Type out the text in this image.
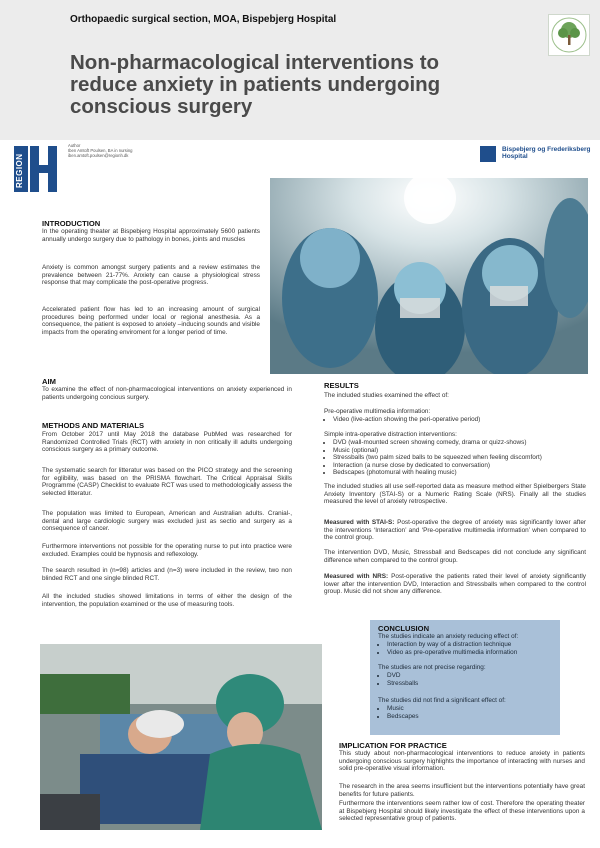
Orthopaedic surgical section, MOA, Bispebjerg Hospital
Non-pharmacological interventions to
reduce anxiety in patients undergoing
conscious surgery
REGION
Author
Iben Amtoft Poulsen, BA in nursing
iben.amtoft.poulsen@regionh.dk
Bispebjerg og Frederiksberg
Hospital
INTRODUCTION
In the operating theater at Bispebjerg Hospital approximately 5600 patients annually undergo surgery due to pathology in bones, joints and muscles
Anxiety is common amongst surgery patients and a review estimates the prevalence between 21-77%. Anxiety can cause a physiological stress response that may complicate the post-operative progress.
Accelerated patient flow has led to an increasing amount of surgical procedures being performed under local or regional anesthesia. As a consequence, the patient is exposed to anxiety –inducing sounds and visible impacts from the operating enviroment for a longer period of time.
AIM
To examine the effect of non-pharmacological interventions on anxiety experienced in patients undergoing concious surgery.
METHODS AND MATERIALS
From October 2017 until May 2018 the database PubMed was researched for Randomized Controlled Trials (RCT) with anxiety in non critically ill adults undergoing conscious surgery as a primary outcome.
The systematic search for litteratur was based on the PICO strategy and the screening for eglibility, was based on the PRISMA flowchart. The Critical Appraisal Skills Programme (CASP) Checklist to evaluate RCT was used to methodologically assess the selected litteratur.
The population was limited to European, American and Australian adults. Cranial-, dental and large cardiologic surgery was excluded just as sectio and surgery as a consequence of cancer.
Furthermore interventions not possible for the operating nurse to put into practice were excluded. Examples could be hypnosis and reflexology.
The search resulted in (n=98) articles and (n=3) were included in the review, two non blinded RCT and one single blinded RCT.
All the included studies showed limitations in terms of either the design of the intervention, the population examined or the use of measuring tools.
RESULTS
The included studies examined the effect of:
Pre-operative multimedia information:
• Video (live-action showing the peri-operative period)
Simple intra-operative distraction interventions:
• DVD (wall-mounted screen showing comedy, drama or quizz-shows)
• Music (optional)
• Stressballs (two palm sized balls to be squeezed when feeling discomfort)
• Interaction (a nurse close by dedicated to conversation)
• Bedscapes (photomural with healing music)
The included studies all use self-reported data as measure method either Spielbergers State Anxiety Inventory (STAI-S) or a Numeric Rating Scale (NRS). Finally all the studies measured the level of anxiety retrospective.
Measured with STAI-S: Post-operative the degree of anxiety was significantly lower after the interventions ‘Interaction’ and ‘Pre-operative multimedia information’ when compared to the control group.
The intervention DVD, Music, Stressball and Bedscapes did not conclude any significant difference when compared to the control group.
Measured with NRS: Post-operative the patients rated their level of anxiety significantly lower after the intervention DVD, Interaction and Stressballs when compared to the control group. Music did not show any difference.
CONCLUSION
The studies indicate an anxiety reducing effect of:
• Interaction by way of a distraction technique
• Video as pre-operative multimedia information
The studies are not precise regarding:
• DVD
• Stressballs
The studies did not find a significant effect of:
• Music
• Bedscapes
IMPLICATION FOR PRACTICE
This study about non-pharmacological interventions to reduce anxiety in patients undergoing conscious surgery highlights the importance of interacting with nurses and solid pre-operative visual information.
The research in the area seems insufficient but the interventions potentially have great benefits for future patients.
Furthermore the interventions seem rather low of cost. Therefore the operating theater at Bispebjerg Hospital should likely investigate the effect of these interventions upon a selected representative group of patients.
